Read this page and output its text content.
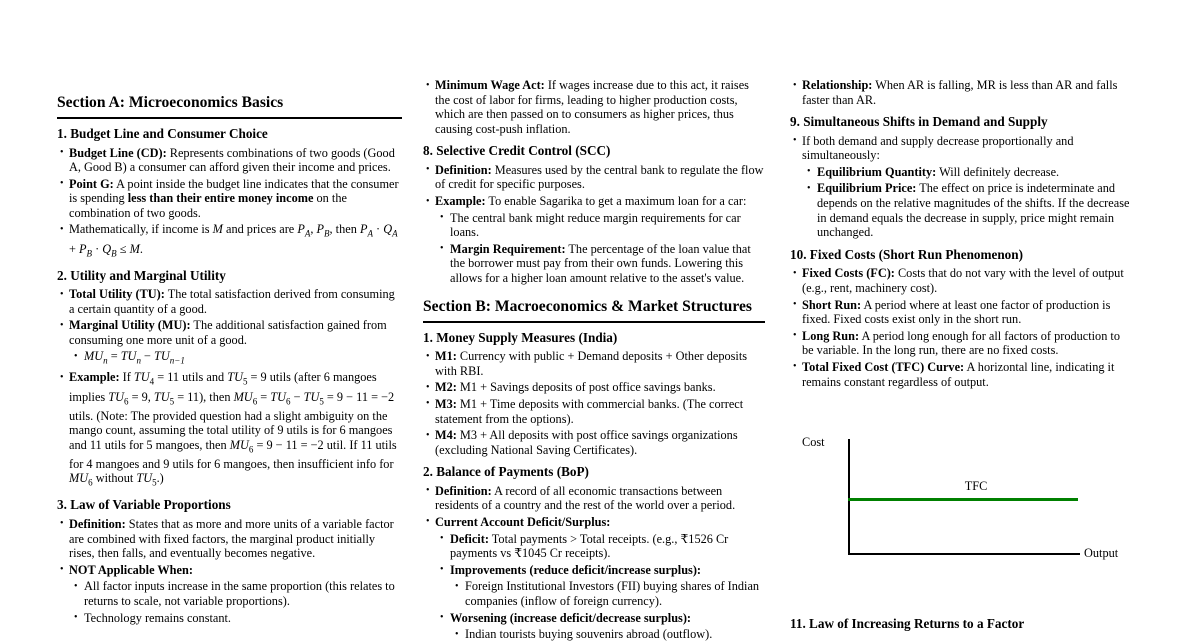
Section A: Microeconomics Basics
1. Budget Line and Consumer Choice
• Budget Line (CD): Represents combinations of two goods (Good A, Good B) a consumer can afford given their income and prices.
• Point G: A point inside the budget line indicates that the consumer is spending less than their entire money income on the combination of two goods.
• Mathematically, if income is M and prices are $P_A$, $P_B$, then $P_A \cdot Q_A + P_B \cdot Q_B \le M$.
2. Utility and Marginal Utility
• Total Utility (TU): The total satisfaction derived from consuming a certain quantity of a good.
• Marginal Utility (MU): The additional satisfaction gained from consuming one more unit of a good.
• $MU_n = TU_n - TU_{n-1}$
• Example: If $TU_4 = 11$ utils and $TU_5 = 9$ utils (after 6 mangoes implies $TU_6 = 9$, $TU_5 = 11$), then $MU_6 = TU_6 - TU_5 = 9 - 11 = -2$ utils. (Note: The provided question had a slight ambiguity on the mango count, assuming the total utility of 9 utils is for 6 mangoes and 11 utils for 5 mangoes, then $MU_6 = 9 - 11 = -2$ util. If 11 utils for 4 mangoes and 9 utils for 6 mangoes, then insufficient info for $MU_6$ without $TU_5$.)
3. Law of Variable Proportions
• Definition: States that as more and more units of a variable factor are combined with fixed factors, the marginal product initially rises, then falls, and eventually becomes negative.
• NOT Applicable When:
• All factor inputs increase in the same proportion (this relates to returns to scale, not variable proportions).
• Technology remains constant.
• Minimum Wage Act: If wages increase due to this act, it raises the cost of labor for firms, leading to higher production costs, which are then passed on to consumers as higher prices, thus causing cost-push inflation.
8. Selective Credit Control (SCC)
• Definition: Measures used by the central bank to regulate the flow of credit for specific purposes.
• Example: To enable Sagarika to get a maximum loan for a car:
• The central bank might reduce margin requirements for car loans.
• Margin Requirement: The percentage of the loan value that the borrower must pay from their own funds. Lowering this allows for a higher loan amount relative to the asset's value.
Section B: Macroeconomics & Market Structures
1. Money Supply Measures (India)
• M1: Currency with public + Demand deposits + Other deposits with RBI.
• M2: M1 + Savings deposits of post office savings banks.
• M3: M1 + Time deposits with commercial banks. (The correct statement from the options).
• M4: M3 + All deposits with post office savings organizations (excluding National Saving Certificates).
2. Balance of Payments (BoP)
• Definition: A record of all economic transactions between residents of a country and the rest of the world over a period.
• Current Account Deficit/Surplus:
• Deficit: Total payments > Total receipts. (e.g., ₹1526 Cr payments vs ₹1045 Cr receipts).
• Improvements (reduce deficit/increase surplus):
• Foreign Institutional Investors (FII) buying shares of Indian companies (inflow of foreign currency).
• Worsening (increase deficit/decrease surplus):
• Indian tourists buying souvenirs abroad (outflow).
Cost
TFC
Output
11. Law of Increasing Returns to a Factor
• Relationship: When AR is falling, MR is less than AR and falls faster than AR.
9. Simultaneous Shifts in Demand and Supply
• If both demand and supply decrease proportionally and simultaneously:
• Equilibrium Quantity: Will definitely decrease.
• Equilibrium Price: The effect on price is indeterminate and depends on the relative magnitudes of the shifts. If the decrease in demand equals the decrease in supply, price might remain unchanged.
10. Fixed Costs (Short Run Phenomenon)
• Fixed Costs (FC): Costs that do not vary with the level of output (e.g., rent, machinery cost).
• Short Run: A period where at least one factor of production is fixed. Fixed costs exist only in the short run.
• Long Run: A period long enough for all factors of production to be variable. In the long run, there are no fixed costs.
• Total Fixed Cost (TFC) Curve: A horizontal line, indicating it remains constant regardless of output.
